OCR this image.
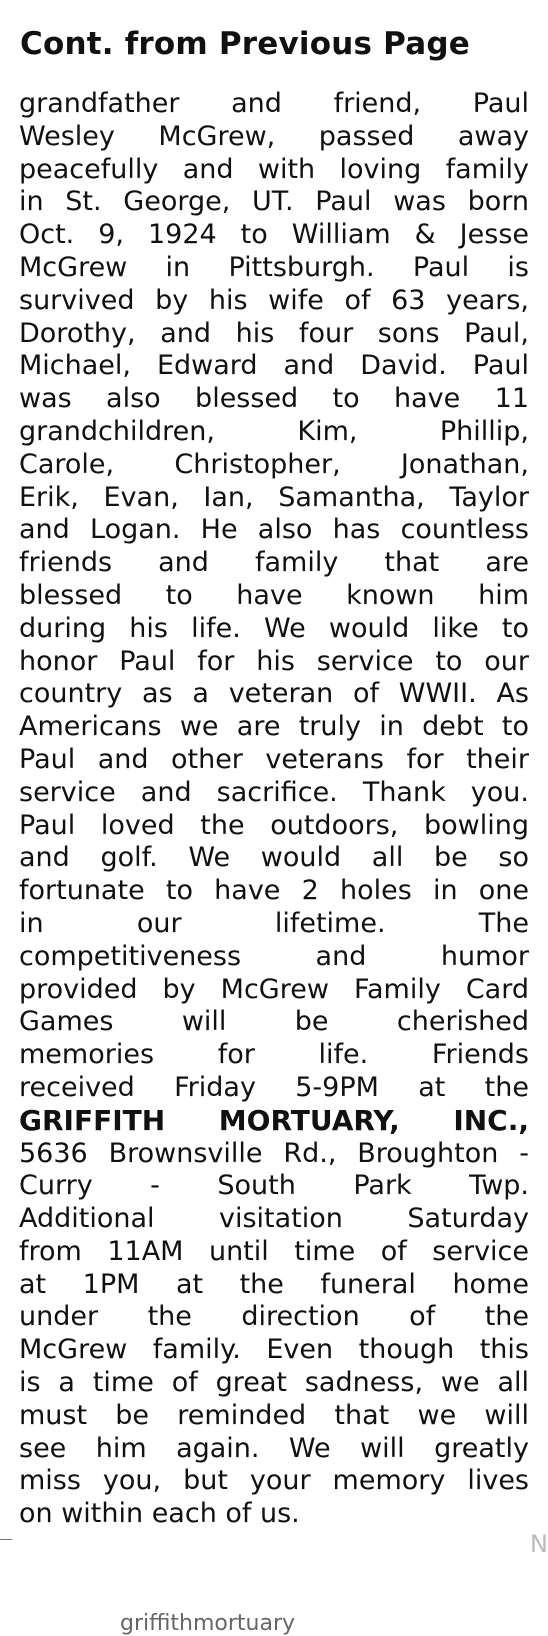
Cont. from Previous Page
grandfather and friend, Paul
Wesley McGrew, passed away
peacefully and with loving family
in St. George, UT. Paul was born
Oct. 9, 1924 to William & Jesse
McGrew in Pittsburgh. Paul is
survived by his wife of 63 years,
Dorothy, and his four sons Paul,
Michael, Edward and David. Paul
was also blessed to have 11
grandchildren, Kim, Phillip,
Carole, Christopher, Jonathan,
Erik, Evan, Ian, Samantha, Taylor
and Logan. He also has countless
friends and family that are
blessed to have known him
during his life. We would like to
honor Paul for his service to our
country as a veteran of WWII. As
Americans we are truly in debt to
Paul and other veterans for their
service and sacrifice. Thank you.
Paul loved the outdoors, bowling
and golf. We would all be so
fortunate to have 2 holes in one
in our lifetime. The
competitiveness and humor
provided by McGrew Family Card
Games will be cherished
memories for life. Friends
received Friday 5-9PM at the
GRIFFITH MORTUARY, INC.,
5636 Brownsville Rd., Broughton -
Curry - South Park Twp.
Additional visitation Saturday
from 11AM until time of service
at 1PM at the funeral home
under the direction of the
McGrew family. Even though this
is a time of great sadness, we all
must be reminded that we will
see him again. We will greatly
miss you, but your memory lives
on within each of us.
N
griffithmortuary
